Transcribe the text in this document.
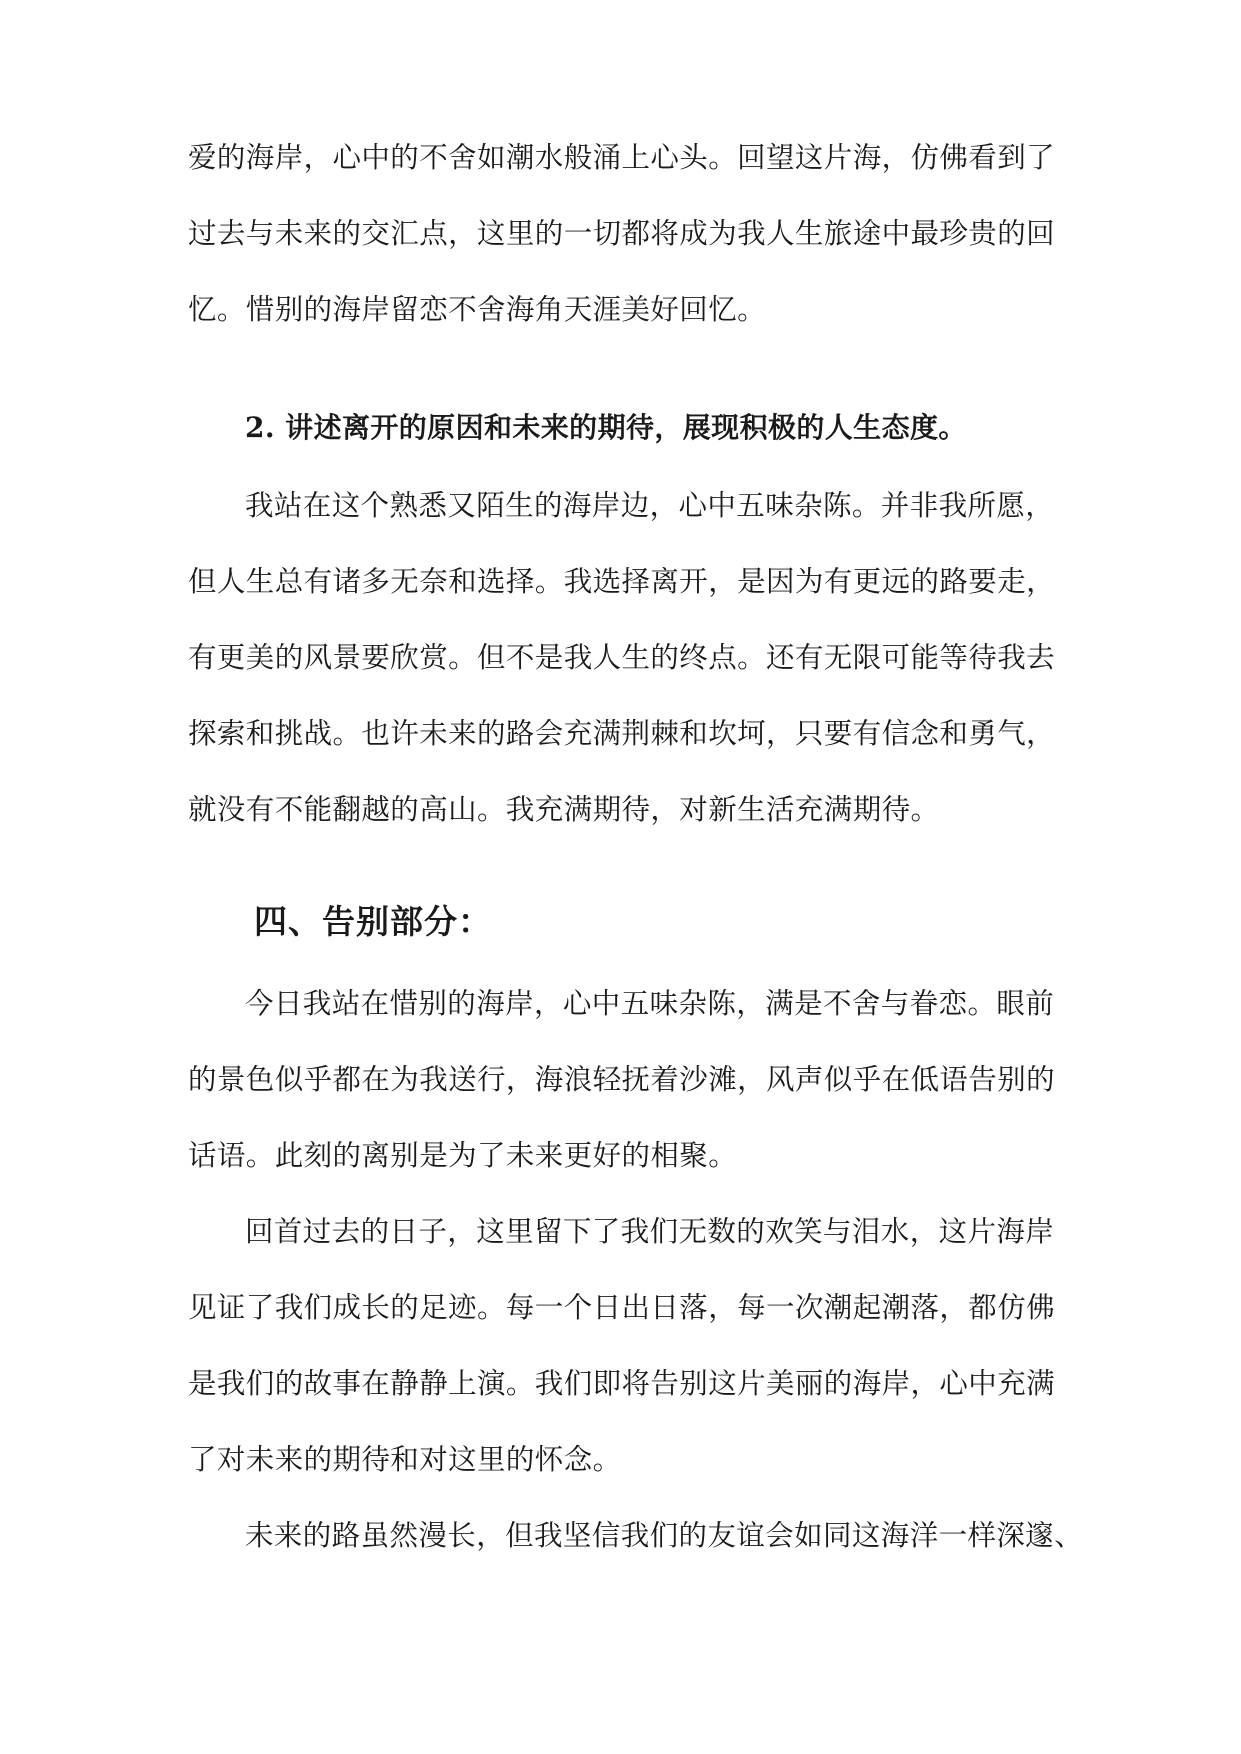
爱的海岸，心中的不舍如潮水般涌上心头。回望这片海，仿佛看到了
过去与未来的交汇点，这里的一切都将成为我人生旅途中最珍贵的回
忆。惜别的海岸留恋不舍海角天涯美好回忆。
2. 讲述离开的原因和未来的期待，展现积极的人生态度。
我站在这个熟悉又陌生的海岸边，心中五味杂陈。并非我所愿，
但人生总有诸多无奈和选择。我选择离开，是因为有更远的路要走，
有更美的风景要欣赏。但不是我人生的终点。还有无限可能等待我去
探索和挑战。也许未来的路会充满荆棘和坎坷，只要有信念和勇气，
就没有不能翻越的高山。我充满期待，对新生活充满期待。
四、告别部分：
今日我站在惜别的海岸，心中五味杂陈，满是不舍与眷恋。眼前
的景色似乎都在为我送行，海浪轻抚着沙滩，风声似乎在低语告别的
话语。此刻的离别是为了未来更好的相聚。
回首过去的日子，这里留下了我们无数的欢笑与泪水，这片海岸
见证了我们成长的足迹。每一个日出日落，每一次潮起潮落，都仿佛
是我们的故事在静静上演。我们即将告别这片美丽的海岸，心中充满
了对未来的期待和对这里的怀念。
未来的路虽然漫长，但我坚信我们的友谊会如同这海洋一样深邃、
